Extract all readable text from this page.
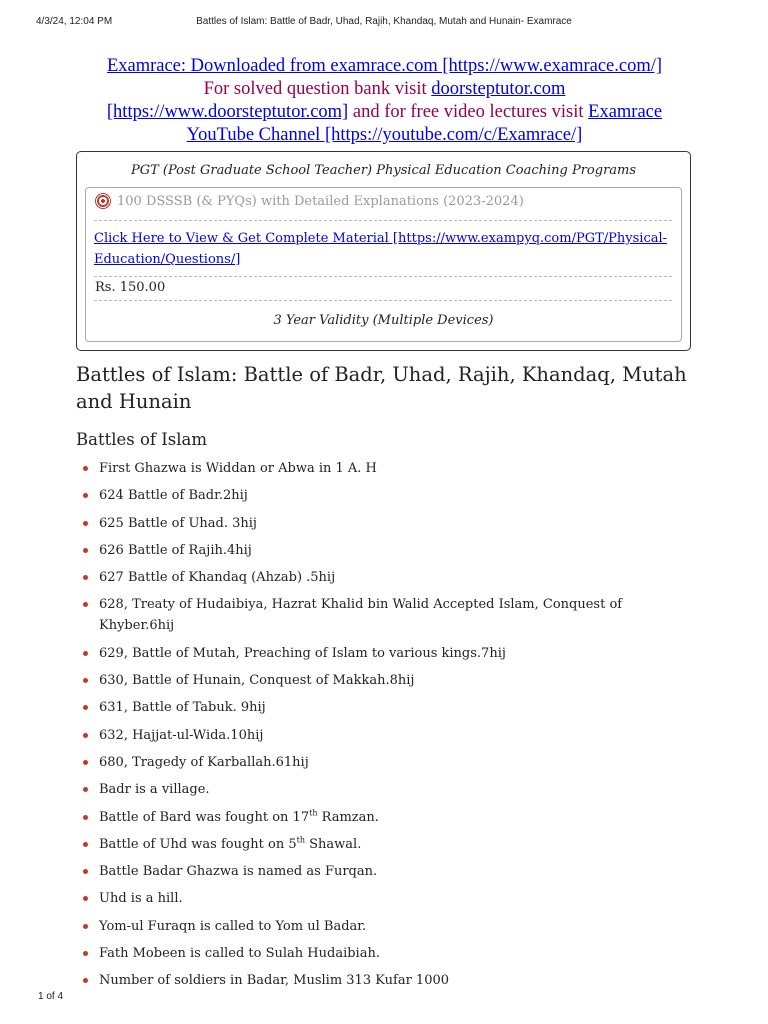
4/3/24, 12:04 PM	Battles of Islam: Battle of Badr, Uhad, Rajih, Khandaq, Mutah and Hunain- Examrace
Examrace: Downloaded from examrace.com [https://www.examrace.com/]
For solved question bank visit doorsteptutor.com
[https://www.doorsteptutor.com] and for free video lectures visit Examrace
YouTube Channel [https://youtube.com/c/Examrace/]
PGT (Post Graduate School Teacher) Physical Education Coaching Programs
100 DSSSB (& PYQs) with Detailed Explanations (2023-2024)
Click Here to View & Get Complete Material [https://www.exampyq.com/PGT/Physical-Education/Questions/]
Rs. 150.00
3 Year Validity (Multiple Devices)
Battles of Islam: Battle of Badr, Uhad, Rajih, Khandaq, Mutah and Hunain
Battles of Islam
First Ghazwa is Widdan or Abwa in 1 A. H
624 Battle of Badr.2hij
625 Battle of Uhad. 3hij
626 Battle of Rajih.4hij
627 Battle of Khandaq (Ahzab) .5hij
628, Treaty of Hudaibiya, Hazrat Khalid bin Walid Accepted Islam, Conquest of Khyber.6hij
629, Battle of Mutah, Preaching of Islam to various kings.7hij
630, Battle of Hunain, Conquest of Makkah.8hij
631, Battle of Tabuk. 9hij
632, Hajjat-ul-Wida.10hij
680, Tragedy of Karballah.61hij
Badr is a village.
Battle of Bard was fought on 17th Ramzan.
Battle of Uhd was fought on 5th Shawal.
Battle Badar Ghazwa is named as Furqan.
Uhd is a hill.
Yom-ul Furaqn is called to Yom ul Badar.
Fath Mobeen is called to Sulah Hudaibiah.
Number of soldiers in Badar, Muslim 313 Kufar 1000
1 of 4
